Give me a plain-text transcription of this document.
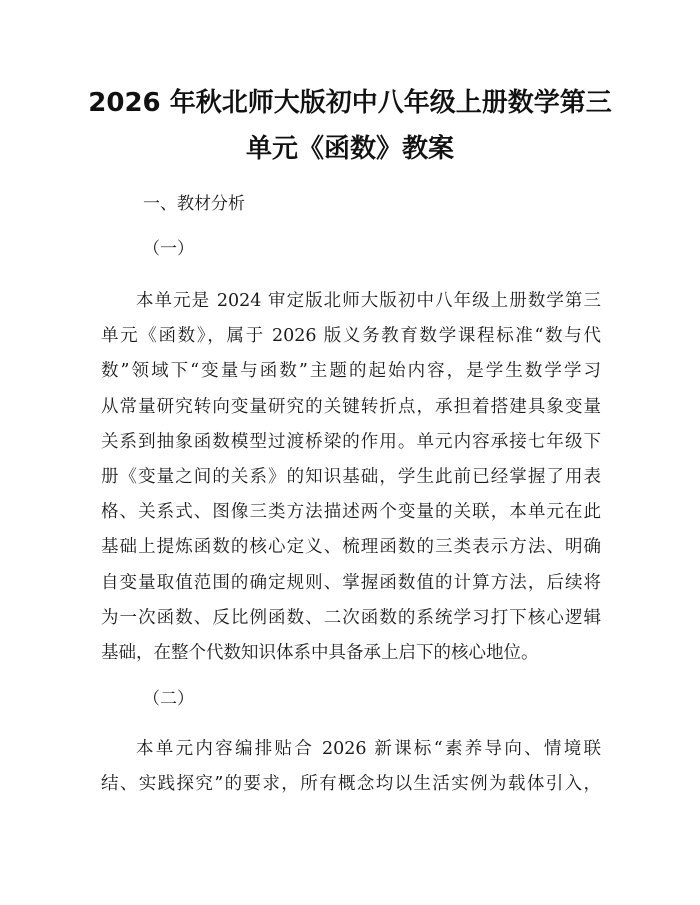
2026 年秋北师大版初中八年级上册数学第三
单元《函数》教案
一、教材分析
（一）
本单元是 2024 审定版北师大版初中八年级上册数学第三
单元《函数》，属于 2026 版义务教育数学课程标准“数与代
数”领域下“变量与函数”主题的起始内容，是学生数学学习
从常量研究转向变量研究的关键转折点，承担着搭建具象变量
关系到抽象函数模型过渡桥梁的作用。单元内容承接七年级下
册《变量之间的关系》的知识基础，学生此前已经掌握了用表
格、关系式、图像三类方法描述两个变量的关联，本单元在此
基础上提炼函数的核心定义、梳理函数的三类表示方法、明确
自变量取值范围的确定规则、掌握函数值的计算方法，后续将
为一次函数、反比例函数、二次函数的系统学习打下核心逻辑
基础，在整个代数知识体系中具备承上启下的核心地位。
（二）
本单元内容编排贴合 2026 新课标“素养导向、情境联
结、实践探究”的要求，所有概念均以生活实例为载体引入，
